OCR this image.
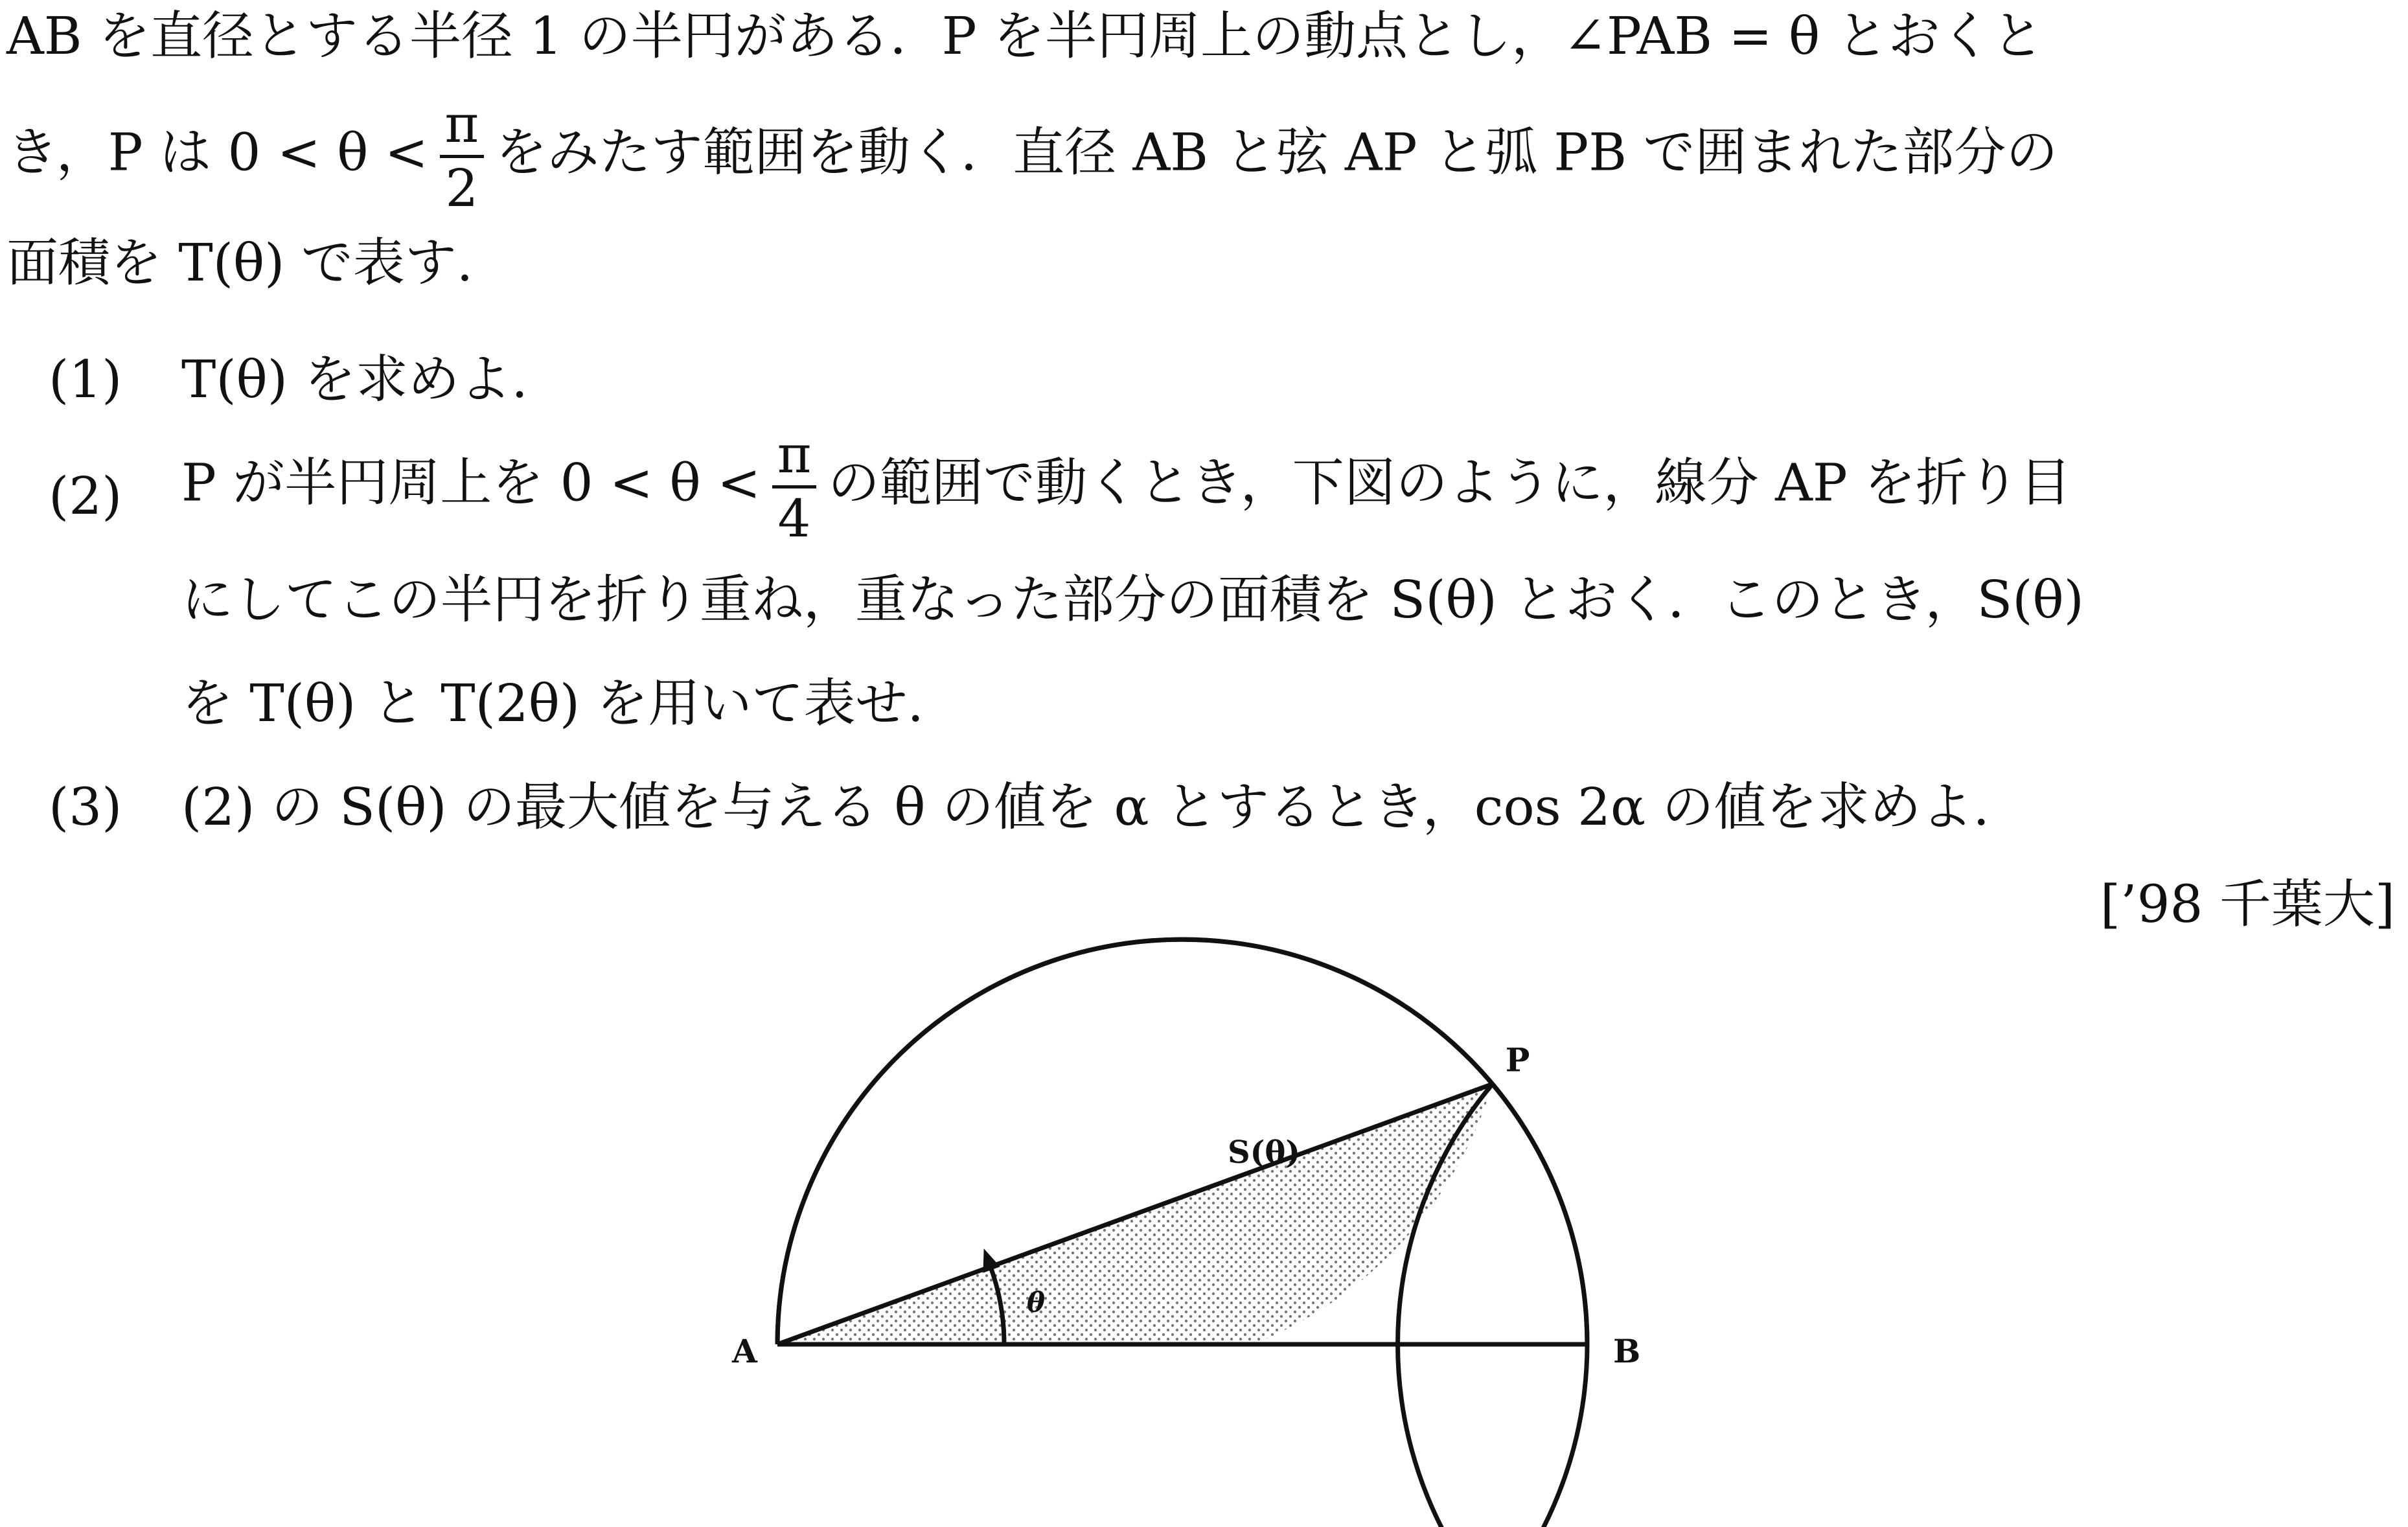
AB を直径とする半径 1 の半円がある．P を半円周上の動点とし，∠PAB = θ とおくと
き，P は $0 < \theta < \frac{\pi}{2}$ をみたす範囲を動く．直径 AB と弦 AP と弧 PB で囲まれた部分の
面積を T(θ) で表す.
(1) T(θ) を求めよ.
(2) P が半円周上を $0 < \theta < \frac{\pi}{4}$ の範囲で動くとき，下図のように，線分 AP を折り目
にしてこの半円を折り重ね，重なった部分の面積を S(θ) とおく．このとき，S(θ)
を T(θ) と T(2θ) を用いて表せ.
(3) (2) の S(θ) の最大値を与える θ の値を α とするとき，cos 2α の値を求めよ.
[’98 千葉大]
A	B
P
θ
S(θ)
